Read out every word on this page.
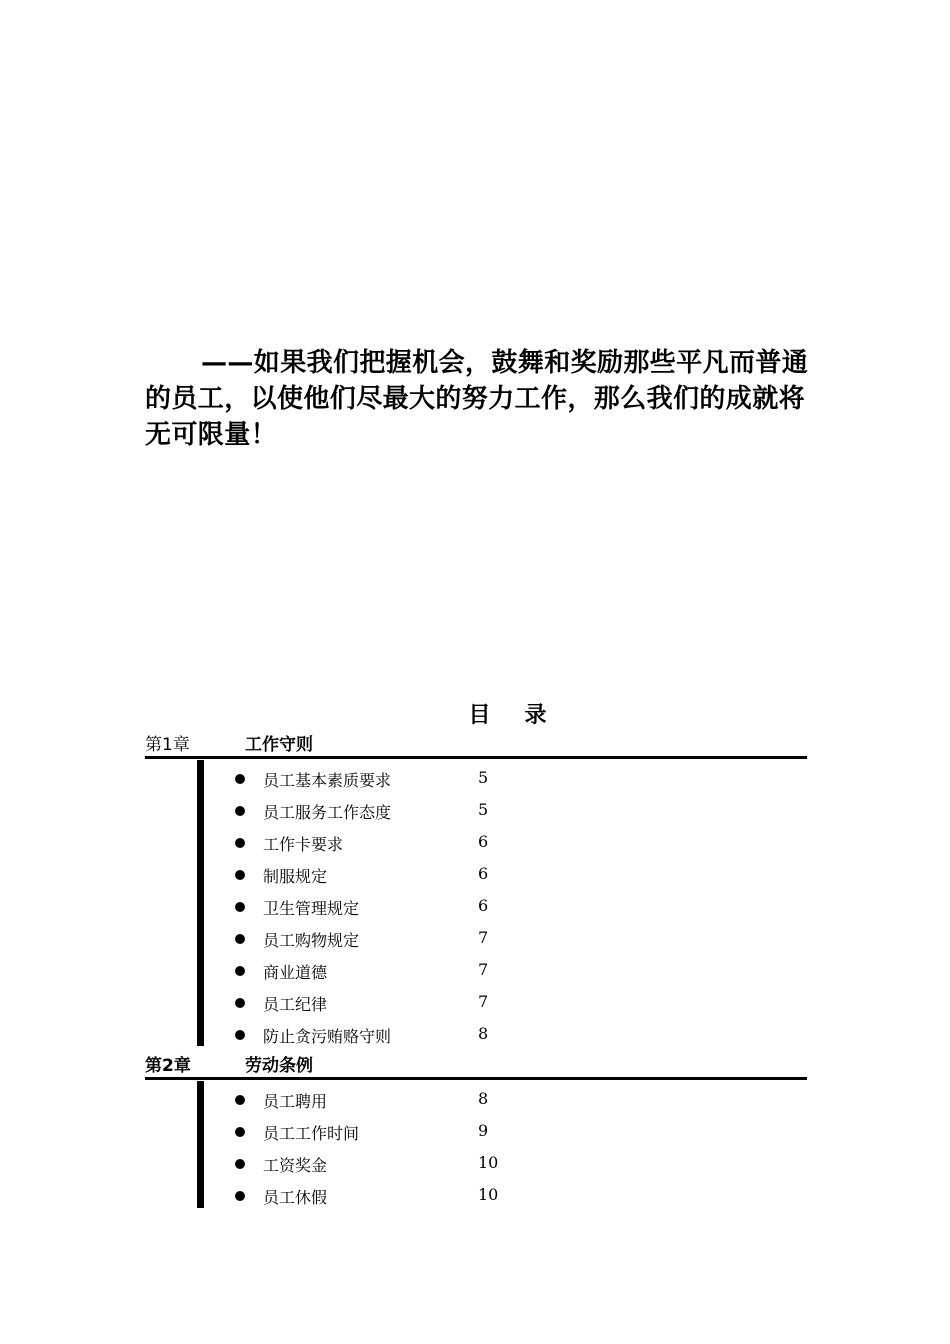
——如果我们把握机会，鼓舞和奖励那些平凡而普通的员工，以使他们尽最大的努力工作，那么我们的成就将无可限量！
目 录
第1章	工作守则
员工基本素质要求	5
员工服务工作态度	5
工作卡要求	6
制服规定	6
卫生管理规定	6
员工购物规定	7
商业道德	7
员工纪律	7
防止贪污贿赂守则	8
第2章	劳动条例
员工聘用	8
员工工作时间	9
工资奖金	10
员工休假	10
